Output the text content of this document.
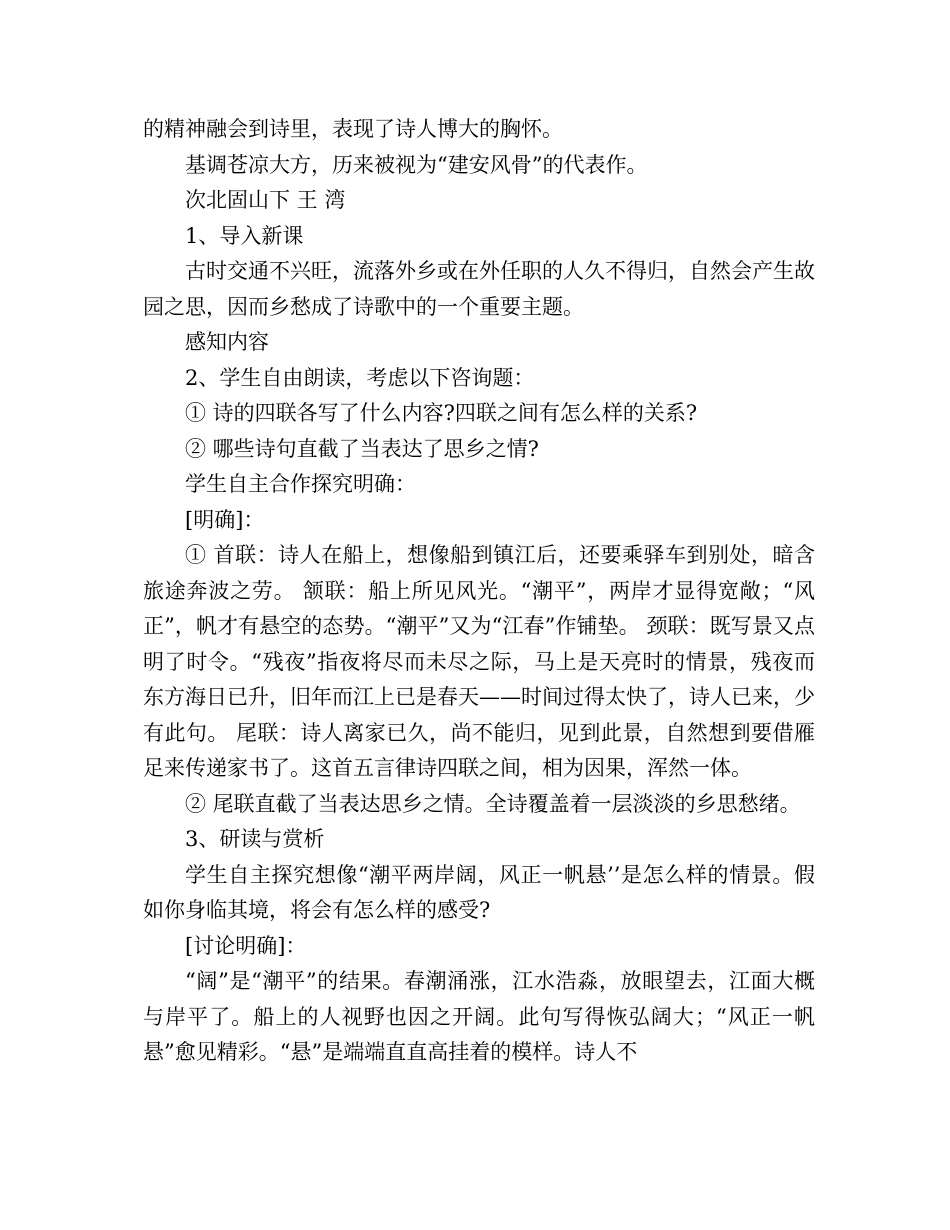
的精神融会到诗里，表现了诗人博大的胸怀。

基调苍凉大方，历来被视为“建安风骨”的代表作。

次北固山下 王 湾

1、导入新课

古时交通不兴旺，流落外乡或在外任职的人久不得归，自然会产生故园之思，因而乡愁成了诗歌中的一个重要主题。

感知内容

2、学生自由朗读，考虑以下咨询题：

① 诗的四联各写了什么内容?四联之间有怎么样的关系?

② 哪些诗句直截了当表达了思乡之情?

学生自主合作探究明确：

[明确]：

① 首联：诗人在船上，想像船到镇江后，还要乘驿车到别处，暗含旅途奔波之劳。 颔联：船上所见风光。“潮平”，两岸才显得宽敞；“风正”，帆才有悬空的态势。“潮平”又为“江春”作铺垫。 颈联：既写景又点明了时令。“残夜”指夜将尽而未尽之际，马上是天亮时的情景，残夜而东方海日已升，旧年而江上已是春天——时间过得太快了，诗人已来，少有此句。 尾联：诗人离家已久，尚不能归，见到此景，自然想到要借雁足来传递家书了。这首五言律诗四联之间，相为因果，浑然一体。

② 尾联直截了当表达思乡之情。全诗覆盖着一层淡淡的乡思愁绪。

3、研读与赏析

学生自主探究想像“潮平两岸阔，风正一帆悬’’是怎么样的情景。假如你身临其境，将会有怎么样的感受?

[讨论明确]：

“阔”是“潮平”的结果。春潮涌涨，江水浩淼，放眼望去，江面大概与岸平了。船上的人视野也因之开阔。此句写得恢弘阔大；“风正一帆悬”愈见精彩。“悬”是端端直直高挂着的模样。诗人不
